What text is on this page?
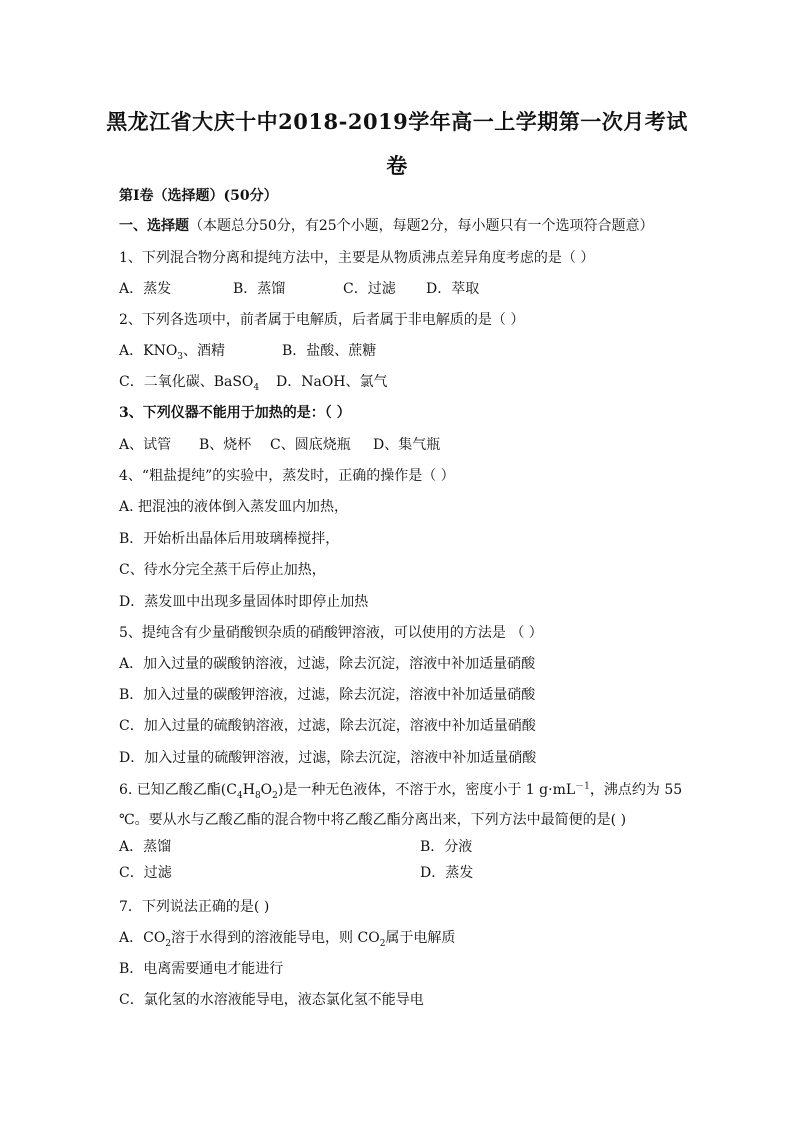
黑龙江省大庆十中2018-2019学年高一上学期第一次月考试
卷
第I卷（选择题）(50分）
一、选择题（本题总分50分，有25个小题，每题2分，每小题只有一个选项符合题意）
1、下列混合物分离和提纯方法中，主要是从物质沸点差异角度考虑的是（ ）
A．蒸发	B．蒸馏	C．过滤 D．萃取
2、下列各选项中，前者属于电解质，后者属于非电解质的是（ ）
A．$KNO_3$、酒精	B．盐酸、蔗糖
C．二氧化碳、BaSO$_4$ D．NaOH、氯气
3、下列仪器不能用于加热的是：（ ）
A、试管 B、烧杯 C、圆底烧瓶 D、集气瓶
4、“粗盐提纯”的实验中，蒸发时，正确的操作是（ ）
A. 把混浊的液体倒入蒸发皿内加热，
B．开始析出晶体后用玻璃棒搅拌，
C、待水分完全蒸干后停止加热，
D．蒸发皿中出现多量固体时即停止加热
5、提纯含有少量硝酸钡杂质的硝酸钾溶液，可以使用的方法是 （ ）
A．加入过量的碳酸钠溶液，过滤，除去沉淀，溶液中补加适量硝酸
B．加入过量的碳酸钾溶液，过滤，除去沉淀，溶液中补加适量硝酸
C．加入过量的硫酸钠溶液，过滤，除去沉淀，溶液中补加适量硝酸
D．加入过量的硫酸钾溶液，过滤，除去沉淀，溶液中补加适量硝酸
6. 已知乙酸乙酯$(C_4H_8O_2)$是一种无色液体，不溶于水，密度小于 1 $g\cdot mL^{-1}$，沸点约为 55
℃。要从水与乙酸乙酯的混合物中将乙酸乙酯分离出来，下列方法中最简便的是( )
A．蒸馏	B．分液
C．过滤	D．蒸发
7．下列说法正确的是( )
A．$CO_2$溶于水得到的溶液能导电，则 $CO_2$属于电解质
B．电离需要通电才能进行
C．氯化氢的水溶液能导电，液态氯化氢不能导电
